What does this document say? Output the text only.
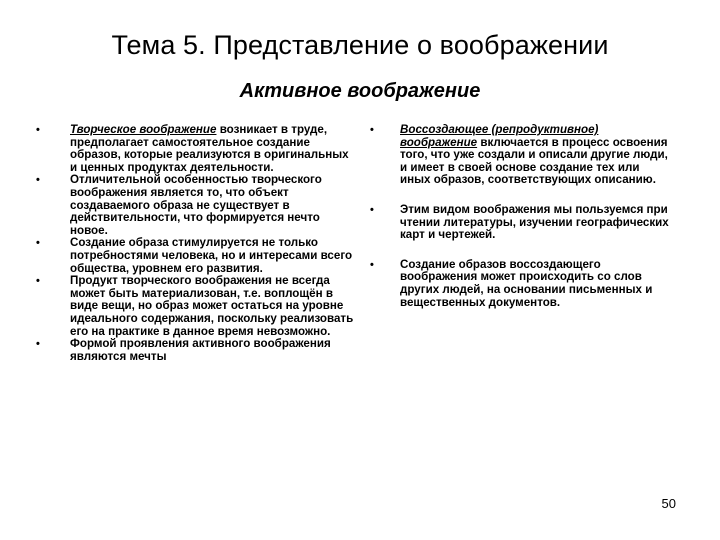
Тема 5. Представление о воображении
Активное воображение
•	Творческое воображение возникает в труде, предполагает самостоятельное создание образов, которые реализуются в оригинальных и ценных продуктах деятельности.
•	Отличительной особенностью творческого воображения является то, что объект создаваемого образа не существует в действительности, что формируется нечто новое.
•	Создание образа стимулируется не только потребностями человека, но и интересами всего общества, уровнем его развития.
•	Продукт творческого воображения не всегда может быть материализован, т.е. воплощён в виде вещи, но образ может остаться на уровне идеального содержания, поскольку реализовать его на практике в данное время невозможно.
•	Формой проявления активного воображения являются мечты
•	Воссоздающее (репродуктивное) воображение включается в процесс освоения того, что уже создали и описали другие люди, и имеет в своей основе создание тех или иных образов, соответствующих описанию.
•	Этим видом воображения мы пользуемся при чтении литературы, изучении географических карт и чертежей.
•	Создание образов воссоздающего воображения может происходить со слов других людей, на основании письменных и вещественных документов.
50
